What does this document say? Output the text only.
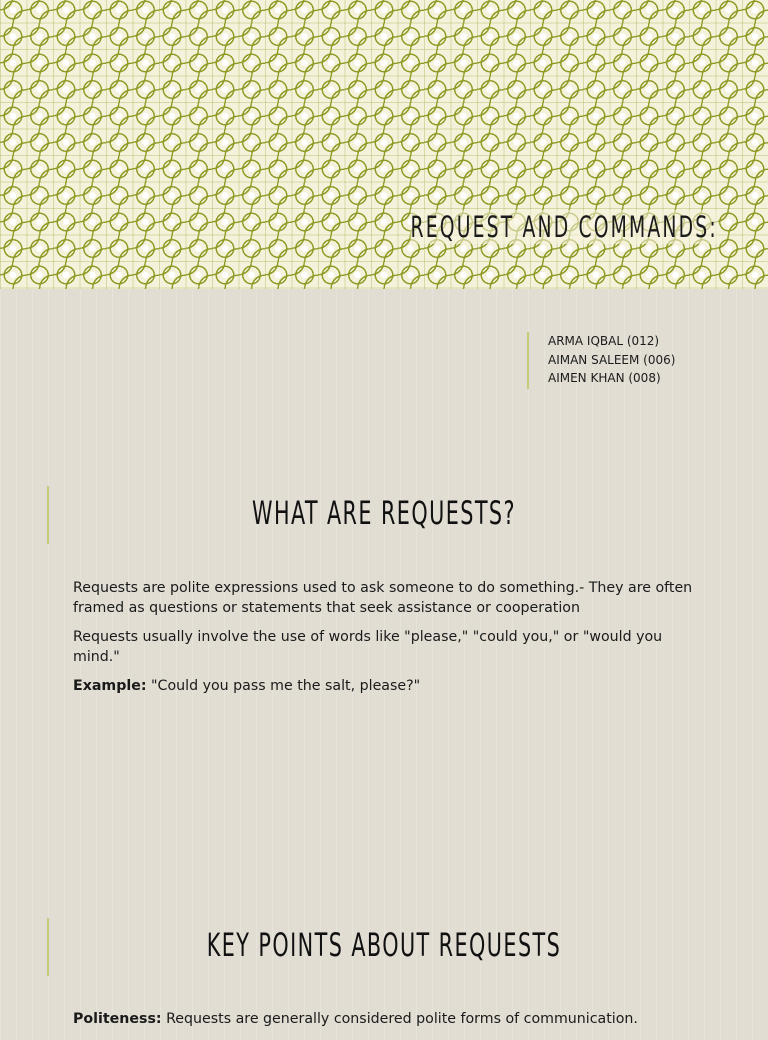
REQUEST AND COMMANDS:
ARMA IQBAL (012)
AIMAN SALEEM (006)
AIMEN KHAN (008)
WHAT ARE REQUESTS?

Requests are polite expressions used to ask someone to do something.- They are often framed as questions or statements that seek assistance or cooperation

Requests usually involve the use of words like "please," "could you," or "would you mind."

Example: "Could you pass me the salt, please?"

KEY POINTS ABOUT REQUESTS

Politeness: Requests are generally considered polite forms of communication.
